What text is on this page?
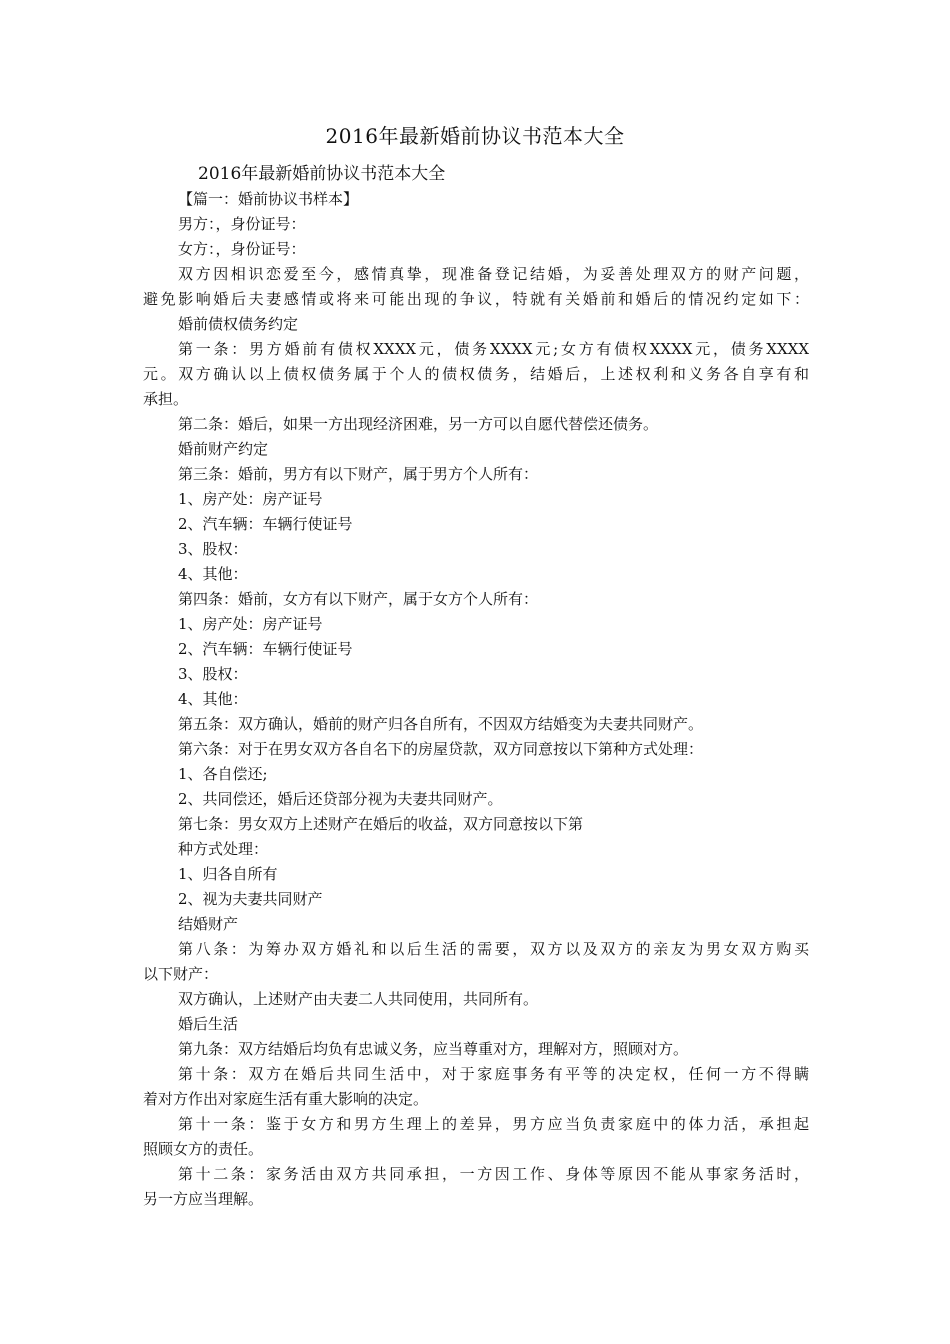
2016年最新婚前协议书范本大全

2016年最新婚前协议书范本大全

【篇一：婚前协议书样本】

男方：，身份证号：

女方：，身份证号：

双方因相识恋爱至今，感情真挚，现准备登记结婚，为妥善处理双方的财产问题，

避免影响婚后夫妻感情或将来可能出现的争议，特就有关婚前和婚后的情况约定如下：

婚前债权债务约定

第一条：男方婚前有债权XXXX元，债务XXXX元;女方有债权XXXX元，债务XXXX

元。双方确认以上债权债务属于个人的债权债务，结婚后，上述权利和义务各自享有和

承担。

第二条：婚后，如果一方出现经济困难，另一方可以自愿代替偿还债务。

婚前财产约定

第三条：婚前，男方有以下财产，属于男方个人所有：

1、房产处：房产证号

2、汽车辆：车辆行使证号

3、股权：

4、其他：

第四条：婚前，女方有以下财产，属于女方个人所有：

1、房产处：房产证号

2、汽车辆：车辆行使证号

3、股权：

4、其他：

第五条：双方确认，婚前的财产归各自所有，不因双方结婚变为夫妻共同财产。

第六条：对于在男女双方各自名下的房屋贷款，双方同意按以下第种方式处理：

1、各自偿还;

2、共同偿还，婚后还贷部分视为夫妻共同财产。

第七条：男女双方上述财产在婚后的收益，双方同意按以下第

种方式处理：

1、归各自所有

2、视为夫妻共同财产

结婚财产

第八条：为筹办双方婚礼和以后生活的需要，双方以及双方的亲友为男女双方购买

以下财产：

双方确认，上述财产由夫妻二人共同使用，共同所有。

婚后生活

第九条：双方结婚后均负有忠诚义务，应当尊重对方，理解对方，照顾对方。

第十条：双方在婚后共同生活中，对于家庭事务有平等的决定权，任何一方不得瞒

着对方作出对家庭生活有重大影响的决定。

第十一条：鉴于女方和男方生理上的差异，男方应当负责家庭中的体力活，承担起

照顾女方的责任。

第十二条：家务活由双方共同承担，一方因工作、身体等原因不能从事家务活时，

另一方应当理解。
